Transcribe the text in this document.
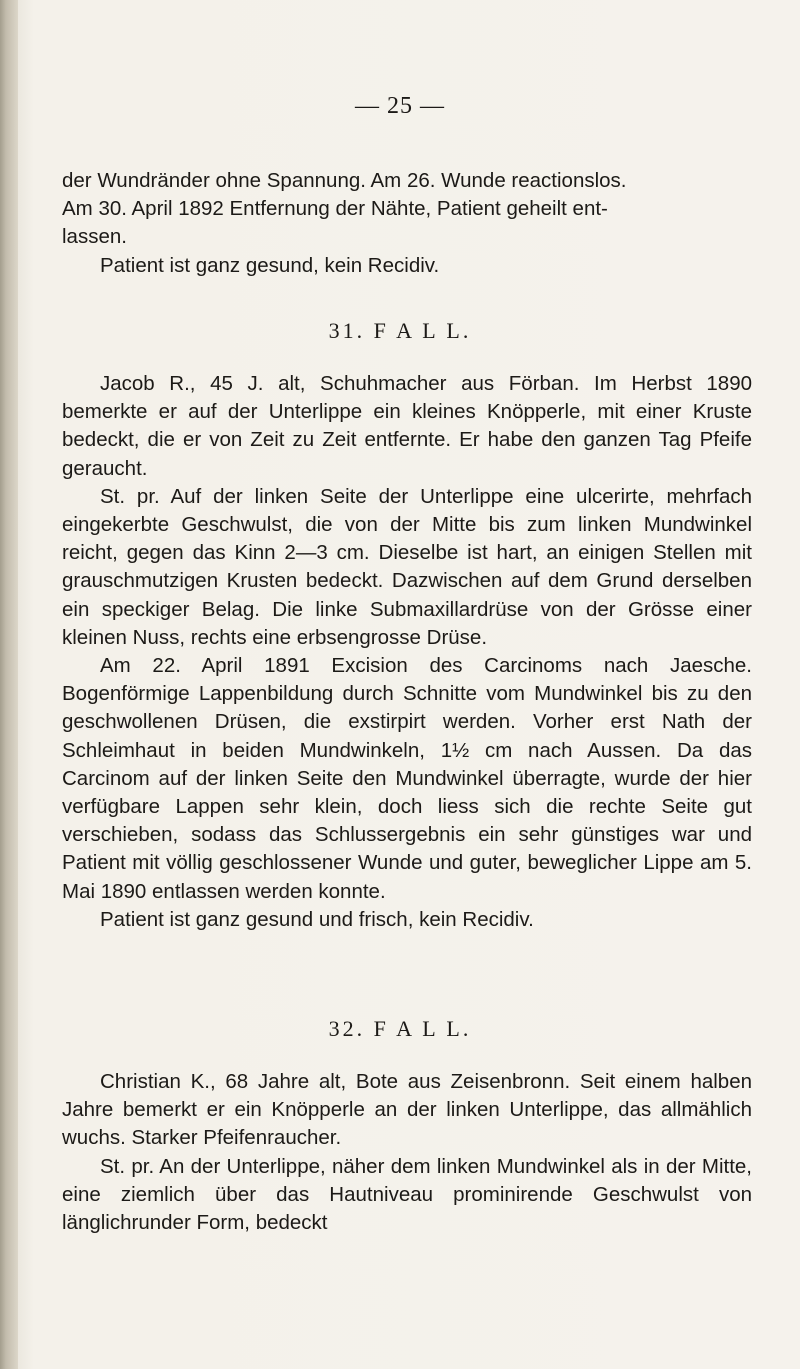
— 25 —

der Wundränder ohne Spannung. Am 26. Wunde reactionslos.

Am 30. April 1892 Entfernung der Nähte, Patient geheilt ent-

lassen.

Patient ist ganz gesund, kein Recidiv.

31. F A L L.

Jacob R., 45 J. alt, Schuhmacher aus Förban. Im Herbst 1890 bemerkte er auf der Unterlippe ein kleines Knöpperle, mit einer Kruste bedeckt, die er von Zeit zu Zeit entfernte. Er habe den ganzen Tag Pfeife geraucht.

St. pr. Auf der linken Seite der Unterlippe eine ulcerirte, mehrfach eingekerbte Geschwulst, die von der Mitte bis zum linken Mundwinkel reicht, gegen das Kinn 2—3 cm. Dieselbe ist hart, an einigen Stellen mit grauschmutzigen Krusten bedeckt. Dazwischen auf dem Grund derselben ein speckiger Belag. Die linke Submaxillardrüse von der Grösse einer kleinen Nuss, rechts eine erbsengrosse Drüse.

Am 22. April 1891 Excision des Carcinoms nach Jaesche. Bogenförmige Lappenbildung durch Schnitte vom Mundwinkel bis zu den geschwollenen Drüsen, die exstirpirt werden. Vorher erst Nath der Schleimhaut in beiden Mundwinkeln, 1½ cm nach Aussen. Da das Carcinom auf der linken Seite den Mundwinkel überragte, wurde der hier verfügbare Lappen sehr klein, doch liess sich die rechte Seite gut verschieben, sodass das Schlussergebnis ein sehr günstiges war und Patient mit völlig geschlossener Wunde und guter, beweglicher Lippe am 5. Mai 1890 entlassen werden konnte.

Patient ist ganz gesund und frisch, kein Recidiv.

32. F A L L.

Christian K., 68 Jahre alt, Bote aus Zeisenbronn. Seit einem halben Jahre bemerkt er ein Knöpperle an der linken Unterlippe, das allmählich wuchs. Starker Pfeifenraucher.

St. pr. An der Unterlippe, näher dem linken Mundwinkel als in der Mitte, eine ziemlich über das Hautniveau prominirende Geschwulst von länglichrunder Form, bedeckt
